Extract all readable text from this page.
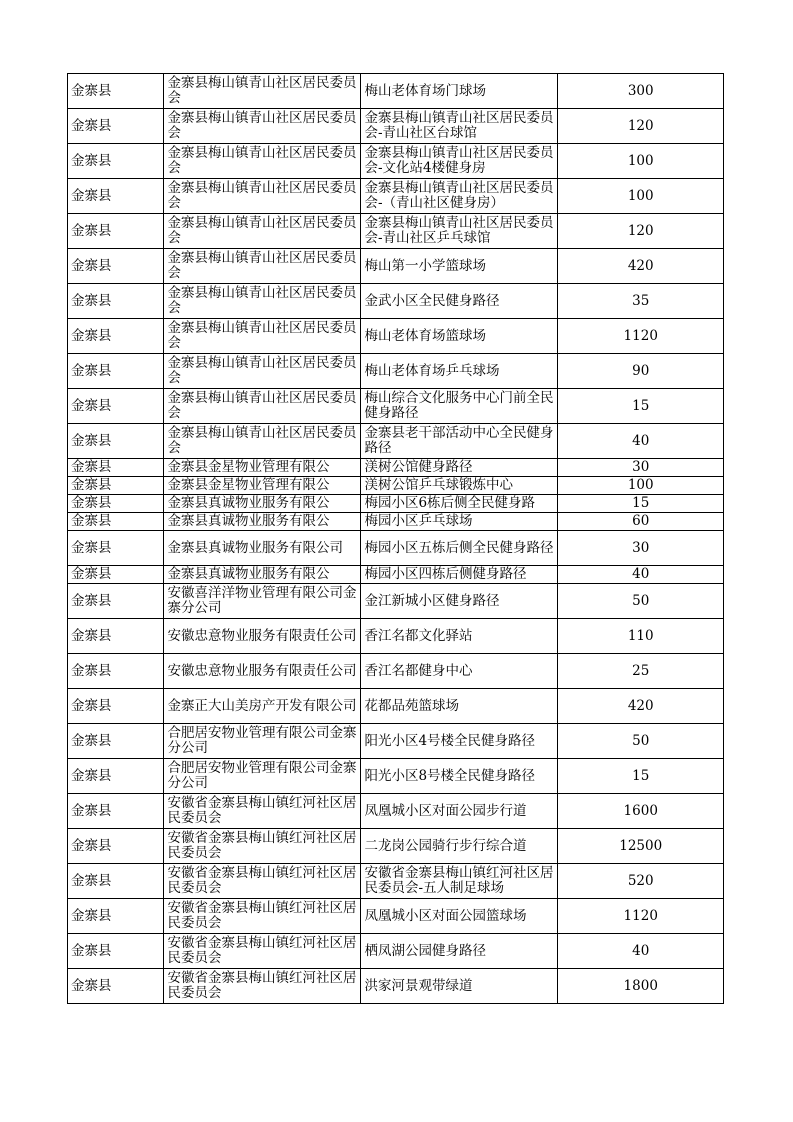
金寨县	金寨县梅山镇青山社区居民委员会	梅山老体育场门球场	300
金寨县	金寨县梅山镇青山社区居民委员会	金寨县梅山镇青山社区居民委员会-青山社区台球馆	120
金寨县	金寨县梅山镇青山社区居民委员会	金寨县梅山镇青山社区居民委员会-文化站4楼健身房	100
金寨县	金寨县梅山镇青山社区居民委员会	金寨县梅山镇青山社区居民委员会-（青山社区健身房）	100
金寨县	金寨县梅山镇青山社区居民委员会	金寨县梅山镇青山社区居民委员会-青山社区乒乓球馆	120
金寨县	金寨县梅山镇青山社区居民委员会	梅山第一小学篮球场	420
金寨县	金寨县梅山镇青山社区居民委员会	金武小区全民健身路径	35
金寨县	金寨县梅山镇青山社区居民委员会	梅山老体育场篮球场	1120
金寨县	金寨县梅山镇青山社区居民委员会	梅山老体育场乒乓球场	90
金寨县	金寨县梅山镇青山社区居民委员会	梅山综合文化服务中心门前全民健身路径	15
金寨县	金寨县梅山镇青山社区居民委员会	金寨县老干部活动中心全民健身路径	40
金寨县	金寨县金星物业管理有限公	渼树公馆健身路径	30
金寨县	金寨县金星物业管理有限公	渼树公馆乒乓球锻炼中心	100
金寨县	金寨县真诚物业服务有限公	梅园小区6栋后侧全民健身路	15
金寨县	金寨县真诚物业服务有限公	梅园小区乒乓球场	60
金寨县	金寨县真诚物业服务有限公司	梅园小区五栋后侧全民健身路径	30
金寨县	金寨县真诚物业服务有限公	梅园小区四栋后侧健身路径	40
金寨县	安徽喜洋洋物业管理有限公司金寨分公司	金江新城小区健身路径	50
金寨县	安徽忠意物业服务有限责任公司	香江名都文化驿站	110
金寨县	安徽忠意物业服务有限责任公司	香江名都健身中心	25
金寨县	金寨正大山美房产开发有限公司	花都品苑篮球场	420
金寨县	合肥居安物业管理有限公司金寨分公司	阳光小区4号楼全民健身路径	50
金寨县	合肥居安物业管理有限公司金寨分公司	阳光小区8号楼全民健身路径	15
金寨县	安徽省金寨县梅山镇红河社区居民委员会	凤凰城小区对面公园步行道	1600
金寨县	安徽省金寨县梅山镇红河社区居民委员会	二龙岗公园骑行步行综合道	12500
金寨县	安徽省金寨县梅山镇红河社区居民委员会	安徽省金寨县梅山镇红河社区居民委员会-五人制足球场	520
金寨县	安徽省金寨县梅山镇红河社区居民委员会	凤凰城小区对面公园篮球场	1120
金寨县	安徽省金寨县梅山镇红河社区居民委员会	栖凤湖公园健身路径	40
金寨县	安徽省金寨县梅山镇红河社区居民委员会	洪家河景观带绿道	1800
